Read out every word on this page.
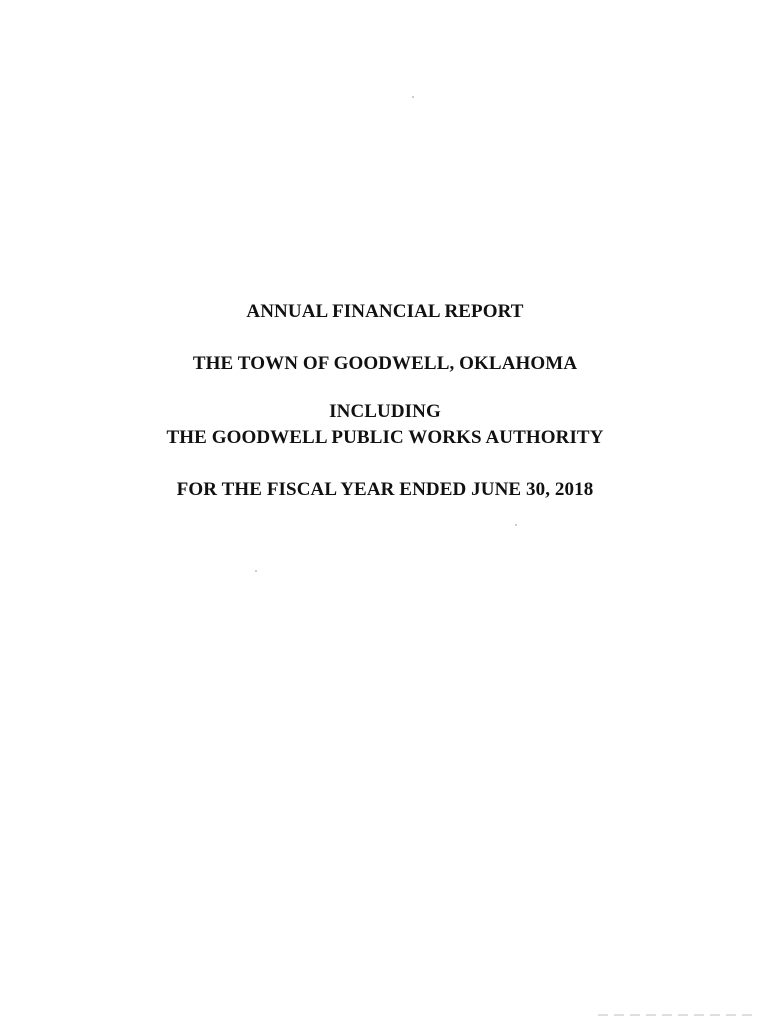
ANNUAL FINANCIAL REPORT
THE TOWN OF GOODWELL, OKLAHOMA
INCLUDING
THE GOODWELL PUBLIC WORKS AUTHORITY
FOR THE FISCAL YEAR ENDED JUNE 30, 2018
